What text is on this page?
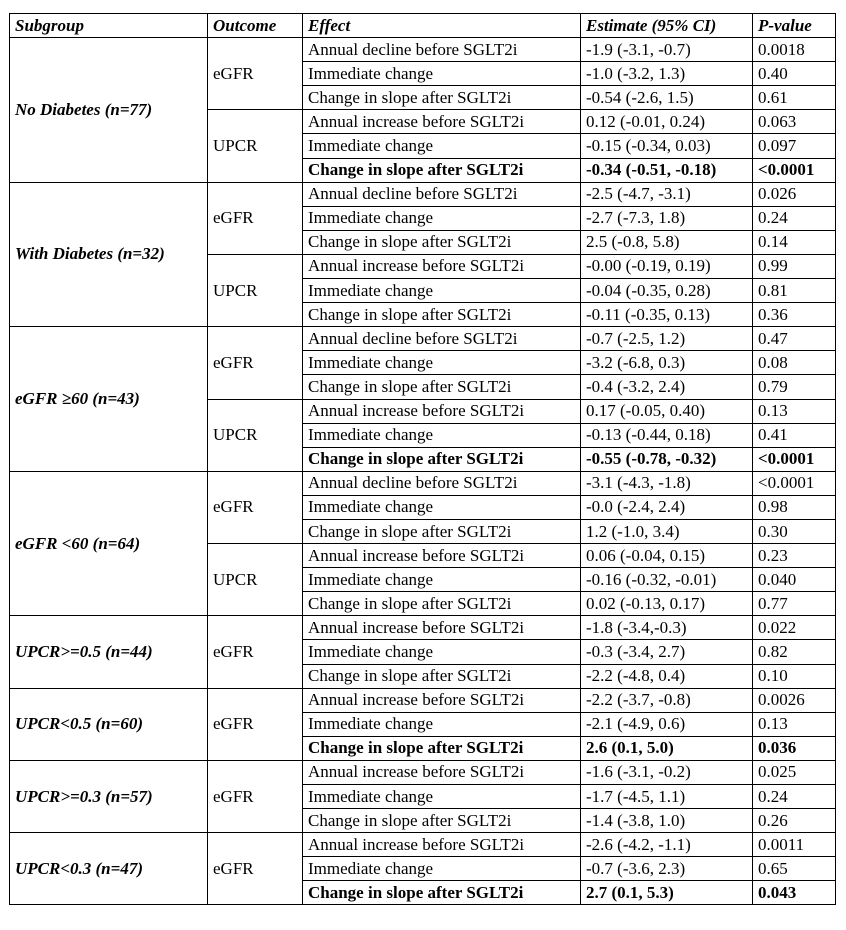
Subgroup	Outcome	Effect	Estimate (95% CI)	P-value
No Diabetes (n=77)	eGFR	Annual decline before SGLT2i	-1.9 (-3.1, -0.7)	0.0018
		Immediate change	-1.0 (-3.2, 1.3)	0.40
		Change in slope after SGLT2i	-0.54 (-2.6, 1.5)	0.61
	UPCR	Annual increase before SGLT2i	0.12 (-0.01, 0.24)	0.063
		Immediate change	-0.15 (-0.34, 0.03)	0.097
		Change in slope after SGLT2i	-0.34 (-0.51, -0.18)	<0.0001
With Diabetes (n=32)	eGFR	Annual decline before SGLT2i	-2.5 (-4.7, -3.1)	0.026
		Immediate change	-2.7 (-7.3, 1.8)	0.24
		Change in slope after SGLT2i	2.5 (-0.8, 5.8)	0.14
	UPCR	Annual increase before SGLT2i	-0.00 (-0.19, 0.19)	0.99
		Immediate change	-0.04 (-0.35, 0.28)	0.81
		Change in slope after SGLT2i	-0.11 (-0.35, 0.13)	0.36
eGFR ≥60 (n=43)	eGFR	Annual decline before SGLT2i	-0.7 (-2.5, 1.2)	0.47
		Immediate change	-3.2 (-6.8, 0.3)	0.08
		Change in slope after SGLT2i	-0.4 (-3.2, 2.4)	0.79
	UPCR	Annual increase before SGLT2i	0.17 (-0.05, 0.40)	0.13
		Immediate change	-0.13 (-0.44, 0.18)	0.41
		Change in slope after SGLT2i	-0.55 (-0.78, -0.32)	<0.0001
eGFR <60 (n=64)	eGFR	Annual decline before SGLT2i	-3.1 (-4.3, -1.8)	<0.0001
		Immediate change	-0.0 (-2.4, 2.4)	0.98
		Change in slope after SGLT2i	1.2 (-1.0, 3.4)	0.30
	UPCR	Annual increase before SGLT2i	0.06 (-0.04, 0.15)	0.23
		Immediate change	-0.16 (-0.32, -0.01)	0.040
		Change in slope after SGLT2i	0.02 (-0.13, 0.17)	0.77
UPCR>=0.5 (n=44)	eGFR	Annual increase before SGLT2i	-1.8 (-3.4,-0.3)	0.022
		Immediate change	-0.3 (-3.4, 2.7)	0.82
		Change in slope after SGLT2i	-2.2 (-4.8, 0.4)	0.10
UPCR<0.5 (n=60)	eGFR	Annual increase before SGLT2i	-2.2 (-3.7, -0.8)	0.0026
		Immediate change	-2.1 (-4.9, 0.6)	0.13
		Change in slope after SGLT2i	2.6 (0.1, 5.0)	0.036
UPCR>=0.3 (n=57)	eGFR	Annual increase before SGLT2i	-1.6 (-3.1, -0.2)	0.025
		Immediate change	-1.7 (-4.5, 1.1)	0.24
		Change in slope after SGLT2i	-1.4 (-3.8, 1.0)	0.26
UPCR<0.3 (n=47)	eGFR	Annual increase before SGLT2i	-2.6 (-4.2, -1.1)	0.0011
		Immediate change	-0.7 (-3.6, 2.3)	0.65
		Change in slope after SGLT2i	2.7 (0.1, 5.3)	0.043
